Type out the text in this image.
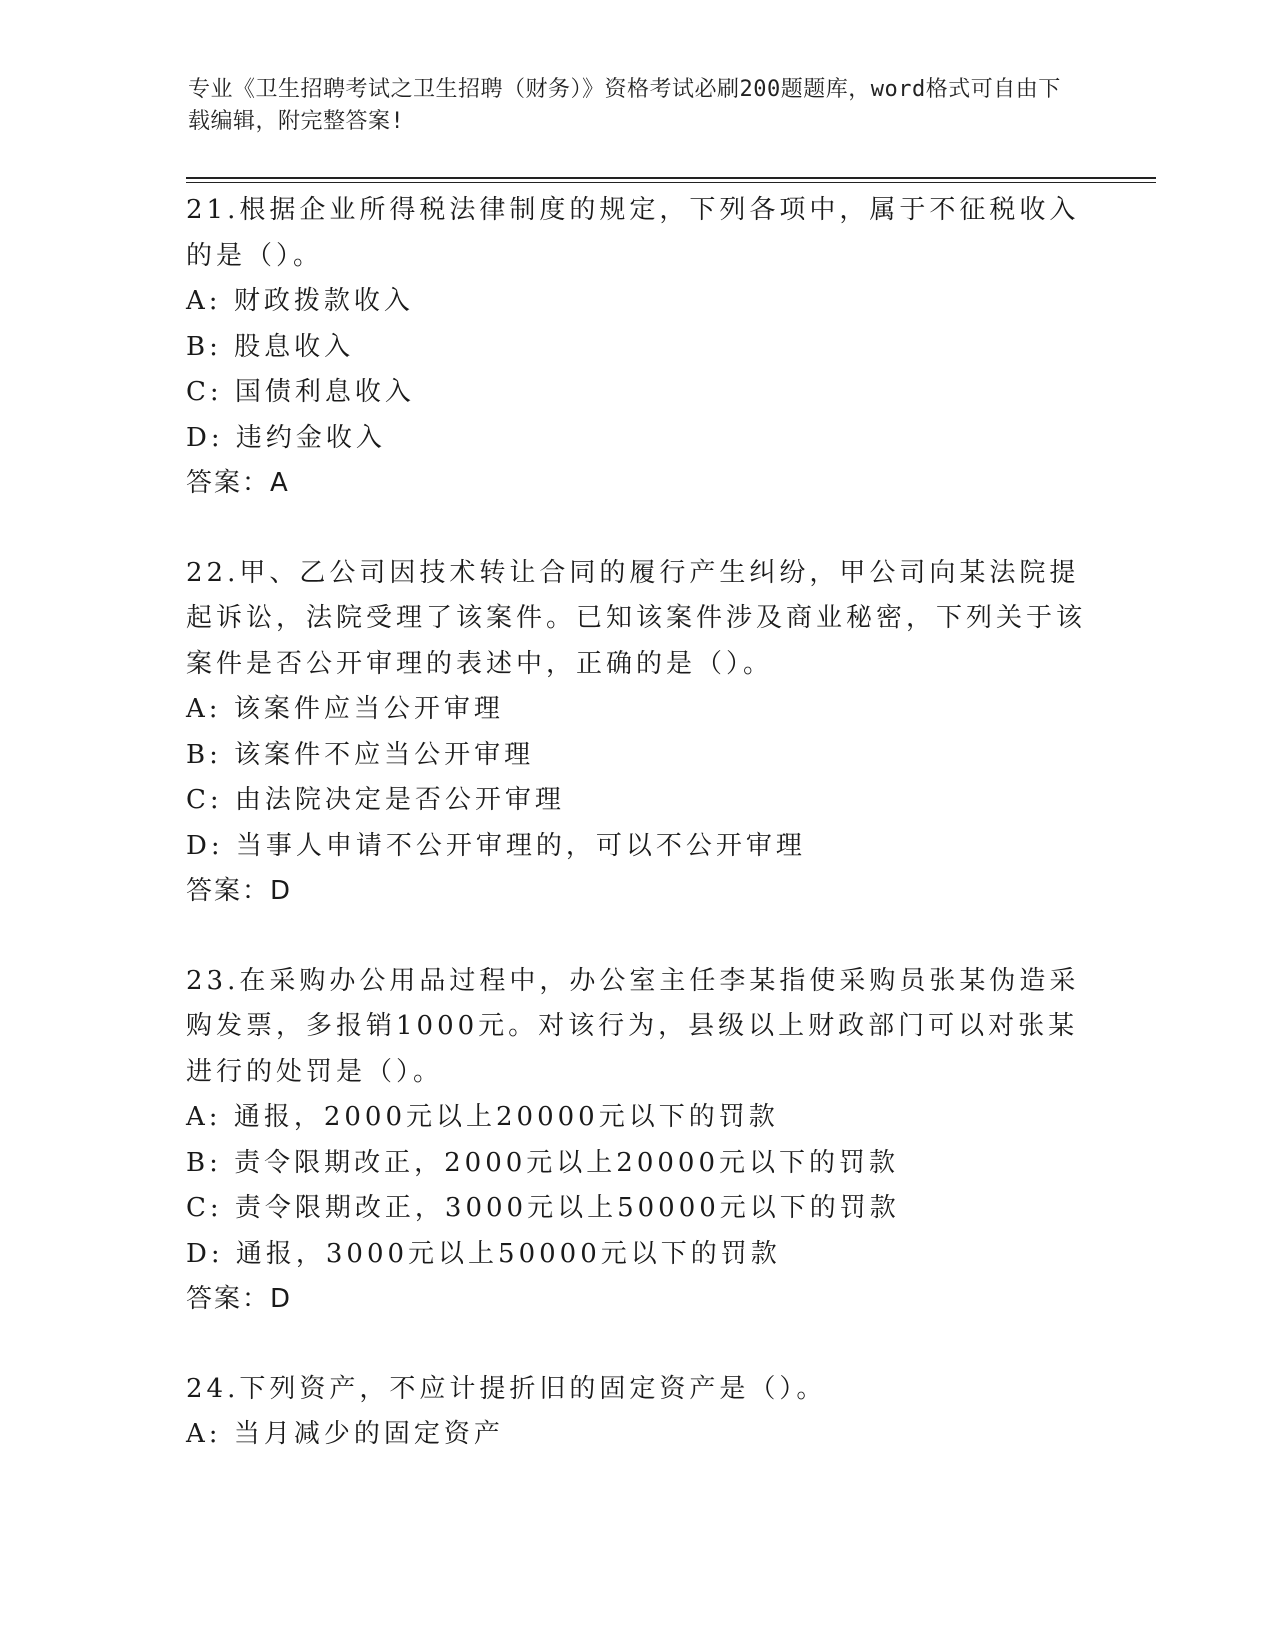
专业《卫生招聘考试之卫生招聘（财务）》资格考试必刷200题题库，word格式可自由下载编辑，附完整答案!
21.根据企业所得税法律制度的规定，下列各项中，属于不征税收入的是（）。
A: 财政拨款收入
B: 股息收入
C: 国债利息收入
D: 违约金收入
答案：A
22.甲、乙公司因技术转让合同的履行产生纠纷，甲公司向某法院提起诉讼，法院受理了该案件。已知该案件涉及商业秘密，下列关于该案件是否公开审理的表述中，正确的是（）。
A: 该案件应当公开审理
B: 该案件不应当公开审理
C: 由法院决定是否公开审理
D: 当事人申请不公开审理的，可以不公开审理
答案：D
23.在采购办公用品过程中，办公室主任李某指使采购员张某伪造采购发票，多报销1000元。对该行为，县级以上财政部门可以对张某进行的处罚是（）。
A: 通报，2000元以上20000元以下的罚款
B: 责令限期改正，2000元以上20000元以下的罚款
C: 责令限期改正，3000元以上50000元以下的罚款
D: 通报，3000元以上50000元以下的罚款
答案：D
24.下列资产，不应计提折旧的固定资产是（）。
A: 当月减少的固定资产
